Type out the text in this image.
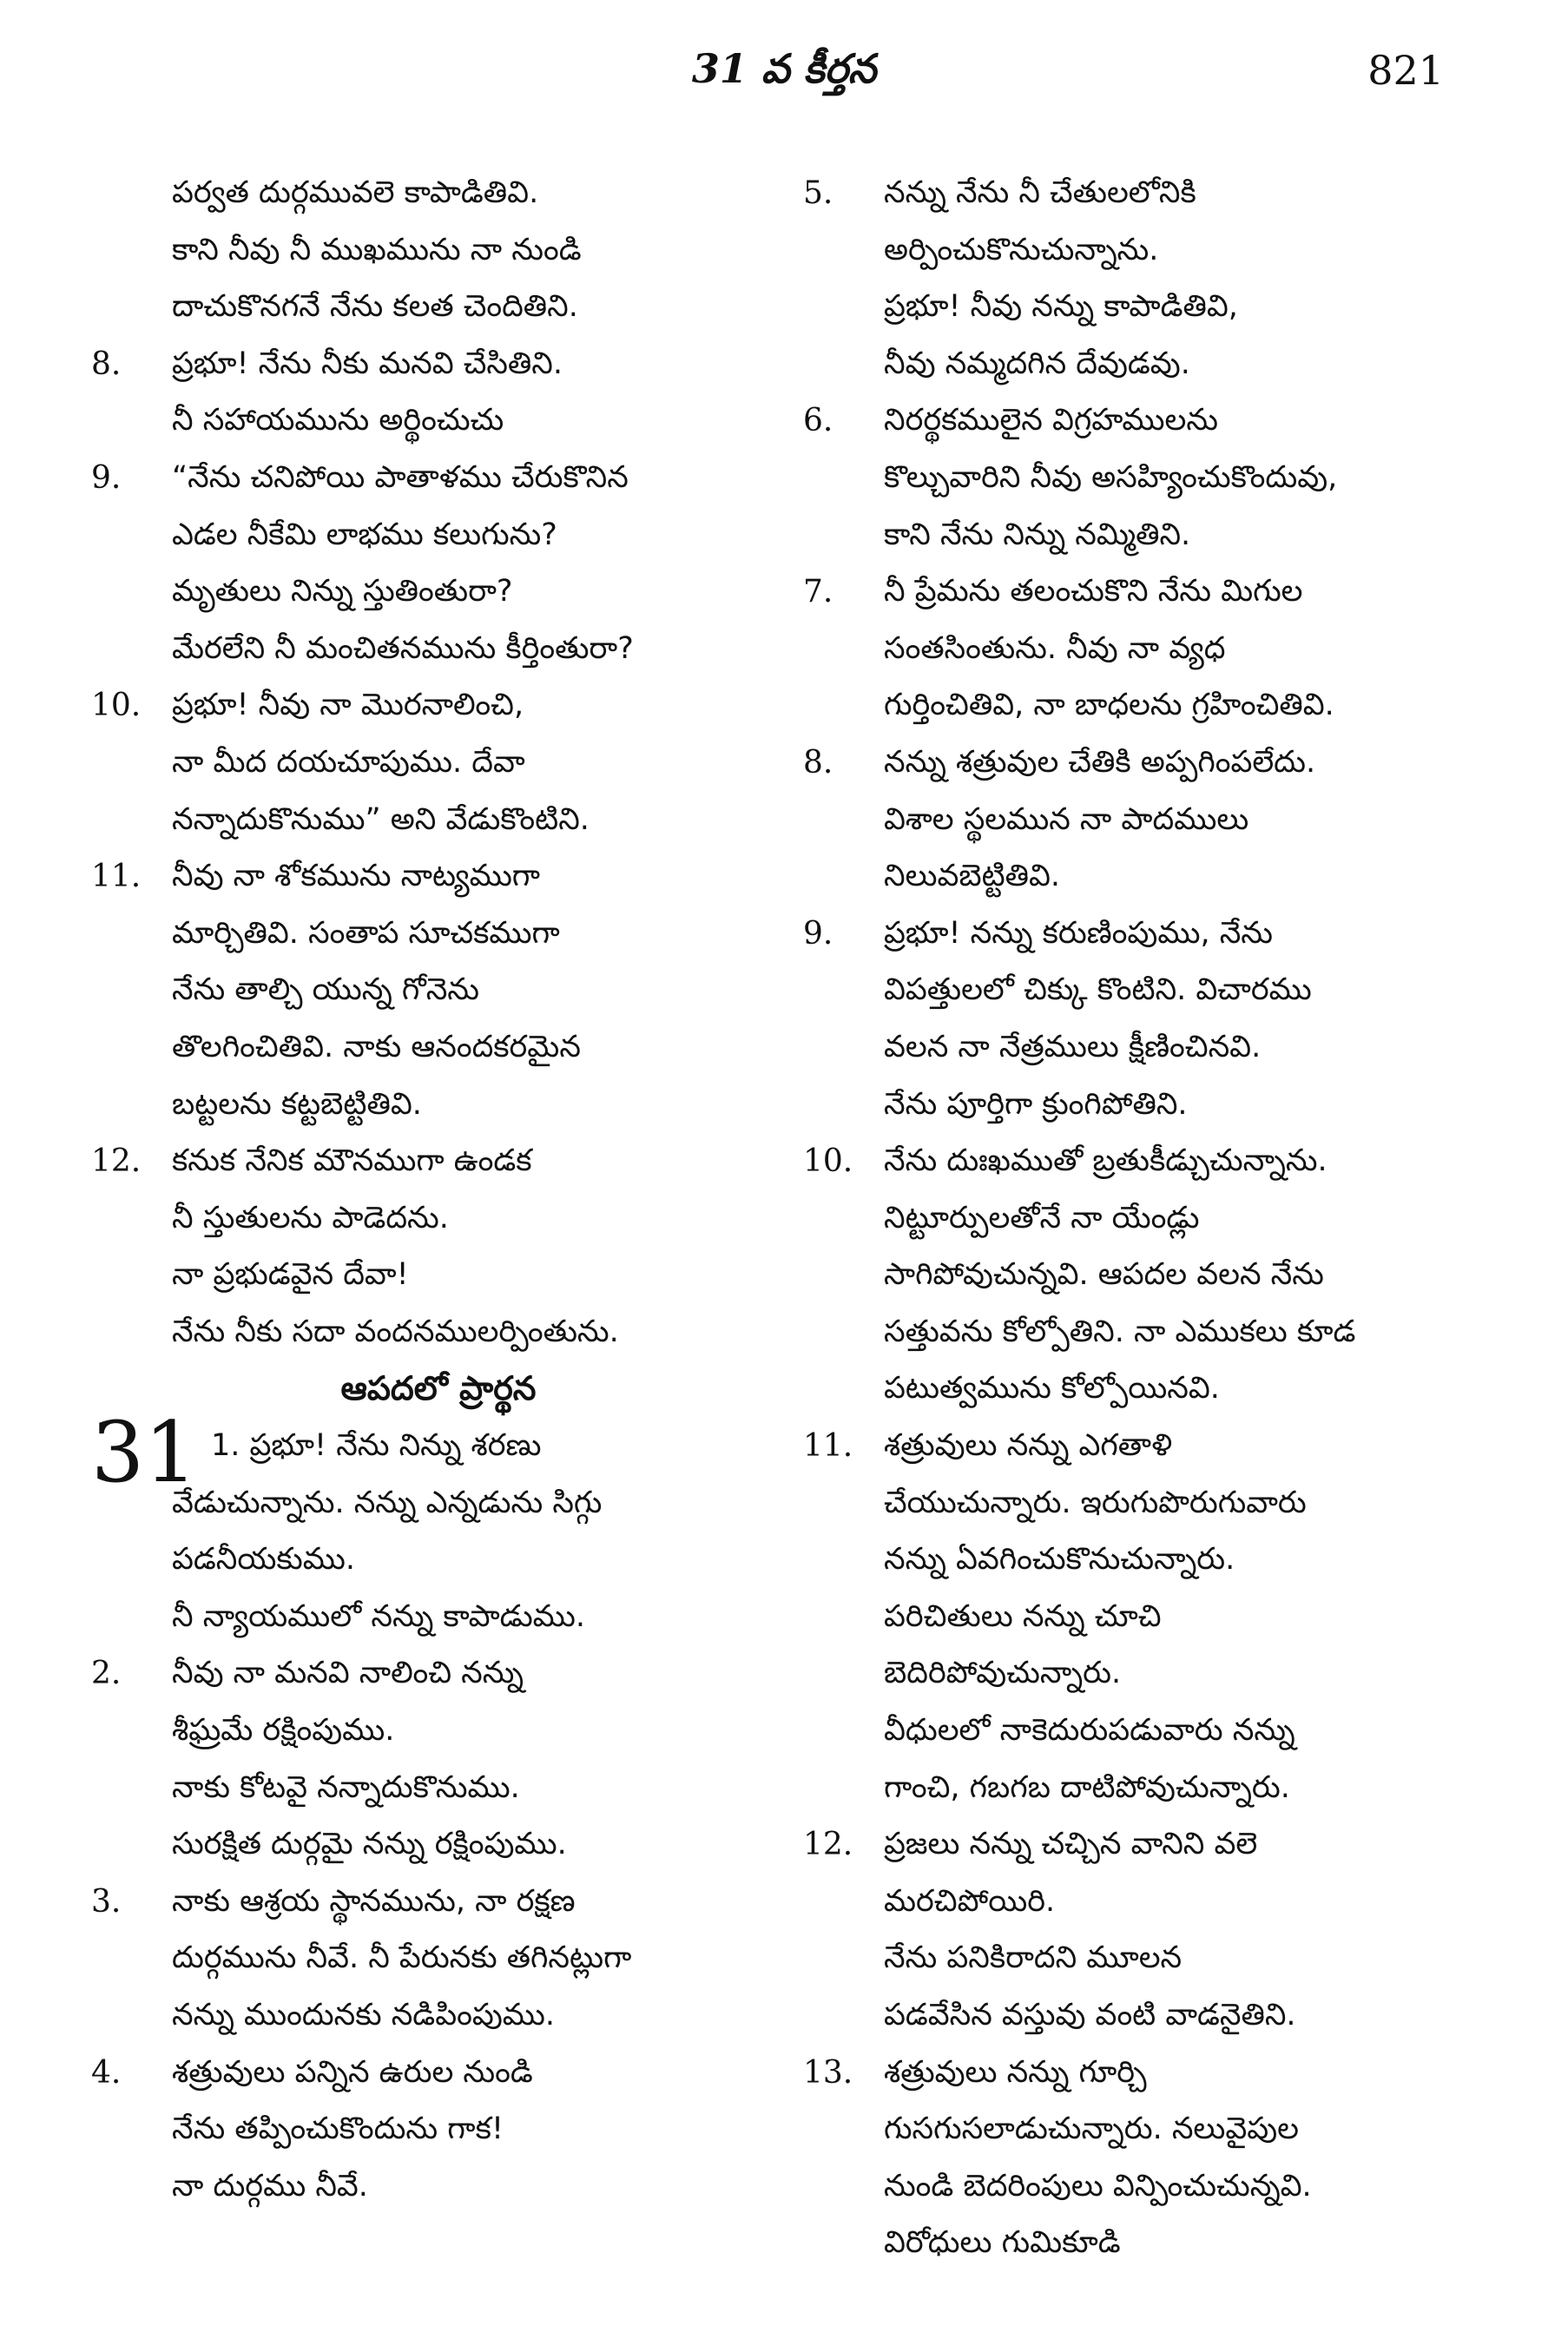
31 వ కీర్తన	821
పర్వత దుర్గమువలె కాపాడితివి.
కాని నీవు నీ ముఖమును నా నుండి
దాచుకొనగనే నేను కలత చెందితిని.
8. ప్రభూ! నేను నీకు మనవి చేసితిని.
నీ సహాయమును అర్థించుచు
9. “నేను చనిపోయి పాతాళము చేరుకొనిన
ఎడల నీకేమి లాభము కలుగును?
మృతులు నిన్ను స్తుతింతురా?
మేరలేని నీ మంచితనమును కీర్తింతురా?
10. ప్రభూ! నీవు నా మొరనాలించి,
నా మీద దయచూపుము. దేవా
నన్నాదుకొనుము” అని వేడుకొంటిని.
11. నీవు నా శోకమును నాట్యముగా
మార్చితివి. సంతాప సూచకముగా
నేను తాల్చి యున్న గోనెను
తొలగించితివి. నాకు ఆనందకరమైన
బట్టలను కట్టబెట్టితివి.
12. కనుక నేనిక మౌనముగా ఉండక
నీ స్తుతులను పాడెదను.
నా ప్రభుడవైన దేవా!
నేను నీకు సదా వందనములర్పింతును.
ఆపదలో ప్రార్థన
31 1. ప్రభూ! నేను నిన్ను శరణు
వేడుచున్నాను. నన్ను ఎన్నడును సిగ్గు
పడనీయకుము.
నీ న్యాయములో నన్ను కాపాడుము.
2. నీవు నా మనవి నాలించి నన్ను
శీఘ్రమే రక్షింపుము.
నాకు కోటవై నన్నాదుకొనుము.
సురక్షిత దుర్గమై నన్ను రక్షింపుము.
3. నాకు ఆశ్రయ స్థానమును, నా రక్షణ
దుర్గమును నీవే. నీ పేరునకు తగినట్లుగా
నన్ను ముందునకు నడిపింపుము.
4. శత్రువులు పన్నిన ఉరుల నుండి
నేను తప్పించుకొందును గాక!
నా దుర్గము నీవే.
5. నన్ను నేను నీ చేతులలోనికి
అర్పించుకొనుచున్నాను.
ప్రభూ! నీవు నన్ను కాపాడితివి,
నీవు నమ్మదగిన దేవుడవు.
6. నిరర్థకములైన విగ్రహములను
కొల్చువారిని నీవు అసహ్యించుకొందువు,
కాని నేను నిన్ను నమ్మితిని.
7. నీ ప్రేమను తలంచుకొని నేను మిగుల
సంతసింతును. నీవు నా వ్యధ
గుర్తించితివి, నా బాధలను గ్రహించితివి.
8. నన్ను శత్రువుల చేతికి అప్పగింపలేదు.
విశాల స్థలమున నా పాదములు
నిలువబెట్టితివి.
9. ప్రభూ! నన్ను కరుణింపుము, నేను
విపత్తులలో చిక్కు కొంటిని. విచారము
వలన నా నేత్రములు క్షీణించినవి.
నేను పూర్తిగా క్రుంగిపోతిని.
10. నేను దుఃఖముతో బ్రతుకీడ్చుచున్నాను.
నిట్టూర్పులతోనే నా యేండ్లు
సాగిపోవుచున్నవి. ఆపదల వలన నేను
సత్తువను కోల్పోతిని. నా ఎముకలు కూడ
పటుత్వమును కోల్పోయినవి.
11. శత్రువులు నన్ను ఎగతాళి
చేయుచున్నారు. ఇరుగుపొరుగువారు
నన్ను ఏవగించుకొనుచున్నారు.
పరిచితులు నన్ను చూచి
బెదిరిపోవుచున్నారు.
వీధులలో నాకెదురుపడువారు నన్ను
గాంచి, గబగబ దాటిపోవుచున్నారు.
12. ప్రజలు నన్ను చచ్చిన వానిని వలె
మరచిపోయిరి.
నేను పనికిరాదని మూలన
పడవేసిన వస్తువు వంటి వాడనైతిని.
13. శత్రువులు నన్ను గూర్చి
గుసగుసలాడుచున్నారు. నలువైపుల
నుండి బెదరింపులు విన్పించుచున్నవి.
విరోధులు గుమికూడి
